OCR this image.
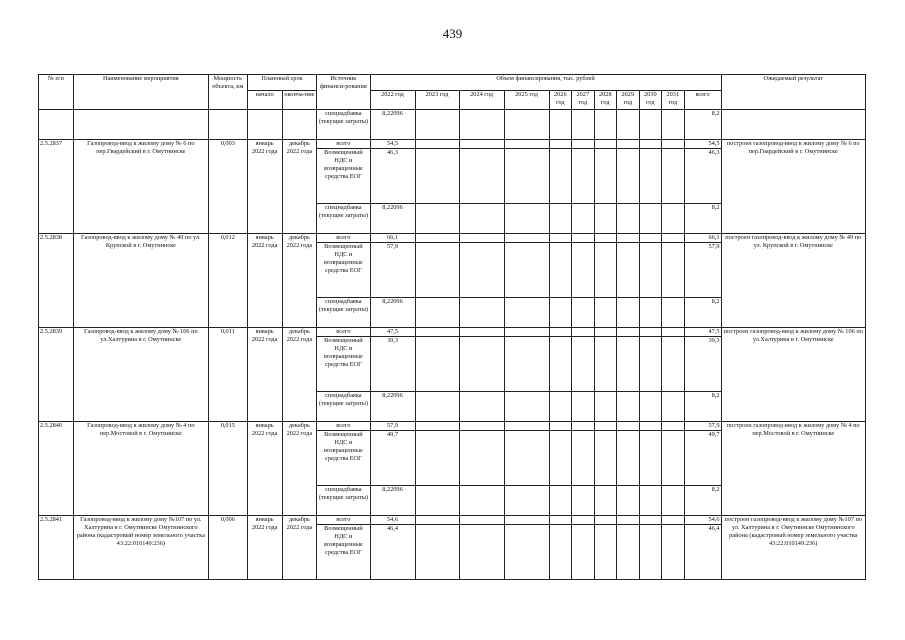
439
№ п/п	Наименование мероприятия	Мощность объекта, км	Плановый срок		Источник финанси-рования	Объем финансирования, тыс. рублей											Ожидаемый результат
			начало	оконча-ние		2022 год	2023 год	2024 год	2025 год	2026 год	2027 год	2028 год	2029 год	2030 год	2031 год	всего	
					спецнадбавка (текущие затраты)	8,22096										8,2	
2.5.2837	Газопровод-ввод к жилому дому № 6 по пер.Гвардейский в г. Омутнинске	0,003	январь 2022 года	декабрь 2022 года	всего	54,5										54,5	построен газопровод-ввод к жилому дому № 6 по пер.Гвардейский в г. Омутнинске
					Возмещенный НДС и возвращенные средства ЕОГ	46,3										46,3	
					спецнадбавка (текущие затраты)	8,22096										8,2	
2.5.2838	Газопровод-ввод к жилому дому № 49 по ул. Крупской в г. Омутнинске	0,012	январь 2022 года	декабрь 2022 года	всего	66,1										66,1	построен газопровод-ввод к жилому дому № 49 по ул. Крупской в г. Омутнинске
					Возмещенный НДС и возвращенные средства ЕОГ	57,9										57,9	
					спецнадбавка (текущие затраты)	8,22096										8,2	
2.5.2839	Газопровод-ввод к жилому дому № 106 по ул.Халтурина в г. Омутнинске	0,011	январь 2022 года	декабрь 2022 года	всего	47,5										47,5	построен газопровод-ввод к жилому дому № 106 по ул.Халтурина в г. Омутнинске
					Возмещенный НДС и возвращенные средства ЕОГ	39,3										39,3	
					спецнадбавка (текущие затраты)	8,22096										8,2	
2.5.2840	Газопровод-ввод к жилому дому № 4 по пер.Мостовой в г. Омутнинске	0,015	январь 2022 года	декабрь 2022 года	всего	57,9										57,9	построен газопровод-ввод к жилому дому № 4 по пер.Мостовой в г. Омутнинске
					Возмещенный НДС и возвращенные средства ЕОГ	49,7										49,7	
					спецнадбавка (текущие затраты)	8,22096										8,2	
2.5.2841	Газопровод-ввод к жилому дому №107 по ул. Халтурина в г. Омутнинске Омутнинского района (кадастровый номер земельного участка 43:22:010149:236)	0,006	январь 2022 года	декабрь 2022 года	всего	54,6										54,6	построен газопровод-ввод к жилому дому №107 по ул. Халтурина в г. Омутнинске Омутнинского района (кадастровый номер земельного участка 43:22:010149:236)
					Возмещенный НДС и возвращенные средства ЕОГ	46,4										46,4	
